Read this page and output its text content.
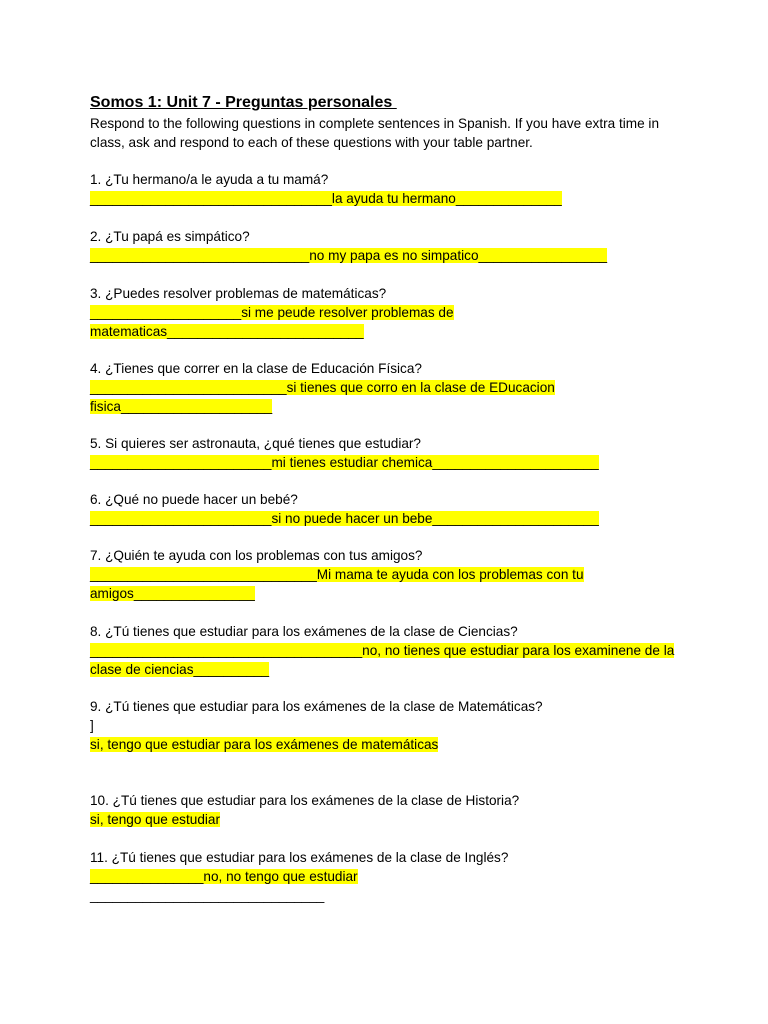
Somos 1: Unit 7 - Preguntas personales

Respond to the following questions in complete sentences in Spanish. If you have extra time in class, ask and respond to each of these questions with your table partner.

1. ¿Tu hermano/a le ayuda a tu mamá?
________________________________la ayuda tu hermano______________
2. ¿Tu papá es simpático?
_____________________________no my papa es no simpatico_________________
3. ¿Puedes resolver problemas de matemáticas?
____________________si me peude resolver problemas de
matematicas__________________________
4. ¿Tienes que correr en la clase de Educación Física?
__________________________si tienes que corro en la clase de EDucacion
fisica____________________
5. Si quieres ser astronauta, ¿qué tienes que estudiar?
________________________mi tienes estudiar chemica______________________
6. ¿Qué no puede hacer un bebé?
________________________si no puede hacer un bebe______________________
7. ¿Quién te ayuda con los problemas con tus amigos?
______________________________Mi mama te ayuda con los problemas con tu
amigos________________
8. ¿Tú tienes que estudiar para los exámenes de la clase de Ciencias?
____________________________________no, no tienes que estudiar para los examinene de la
clase de ciencias__________
9. ¿Tú tienes que estudiar para los exámenes de la clase de Matemáticas?
]
si, tengo que estudiar para los exámenes de matemáticas
10. ¿Tú tienes que estudiar para los exámenes de la clase de Historia?
si, tengo que estudiar
11. ¿Tú tienes que estudiar para los exámenes de la clase de Inglés?
_______________no, no tengo que estudiar
_______________________________
